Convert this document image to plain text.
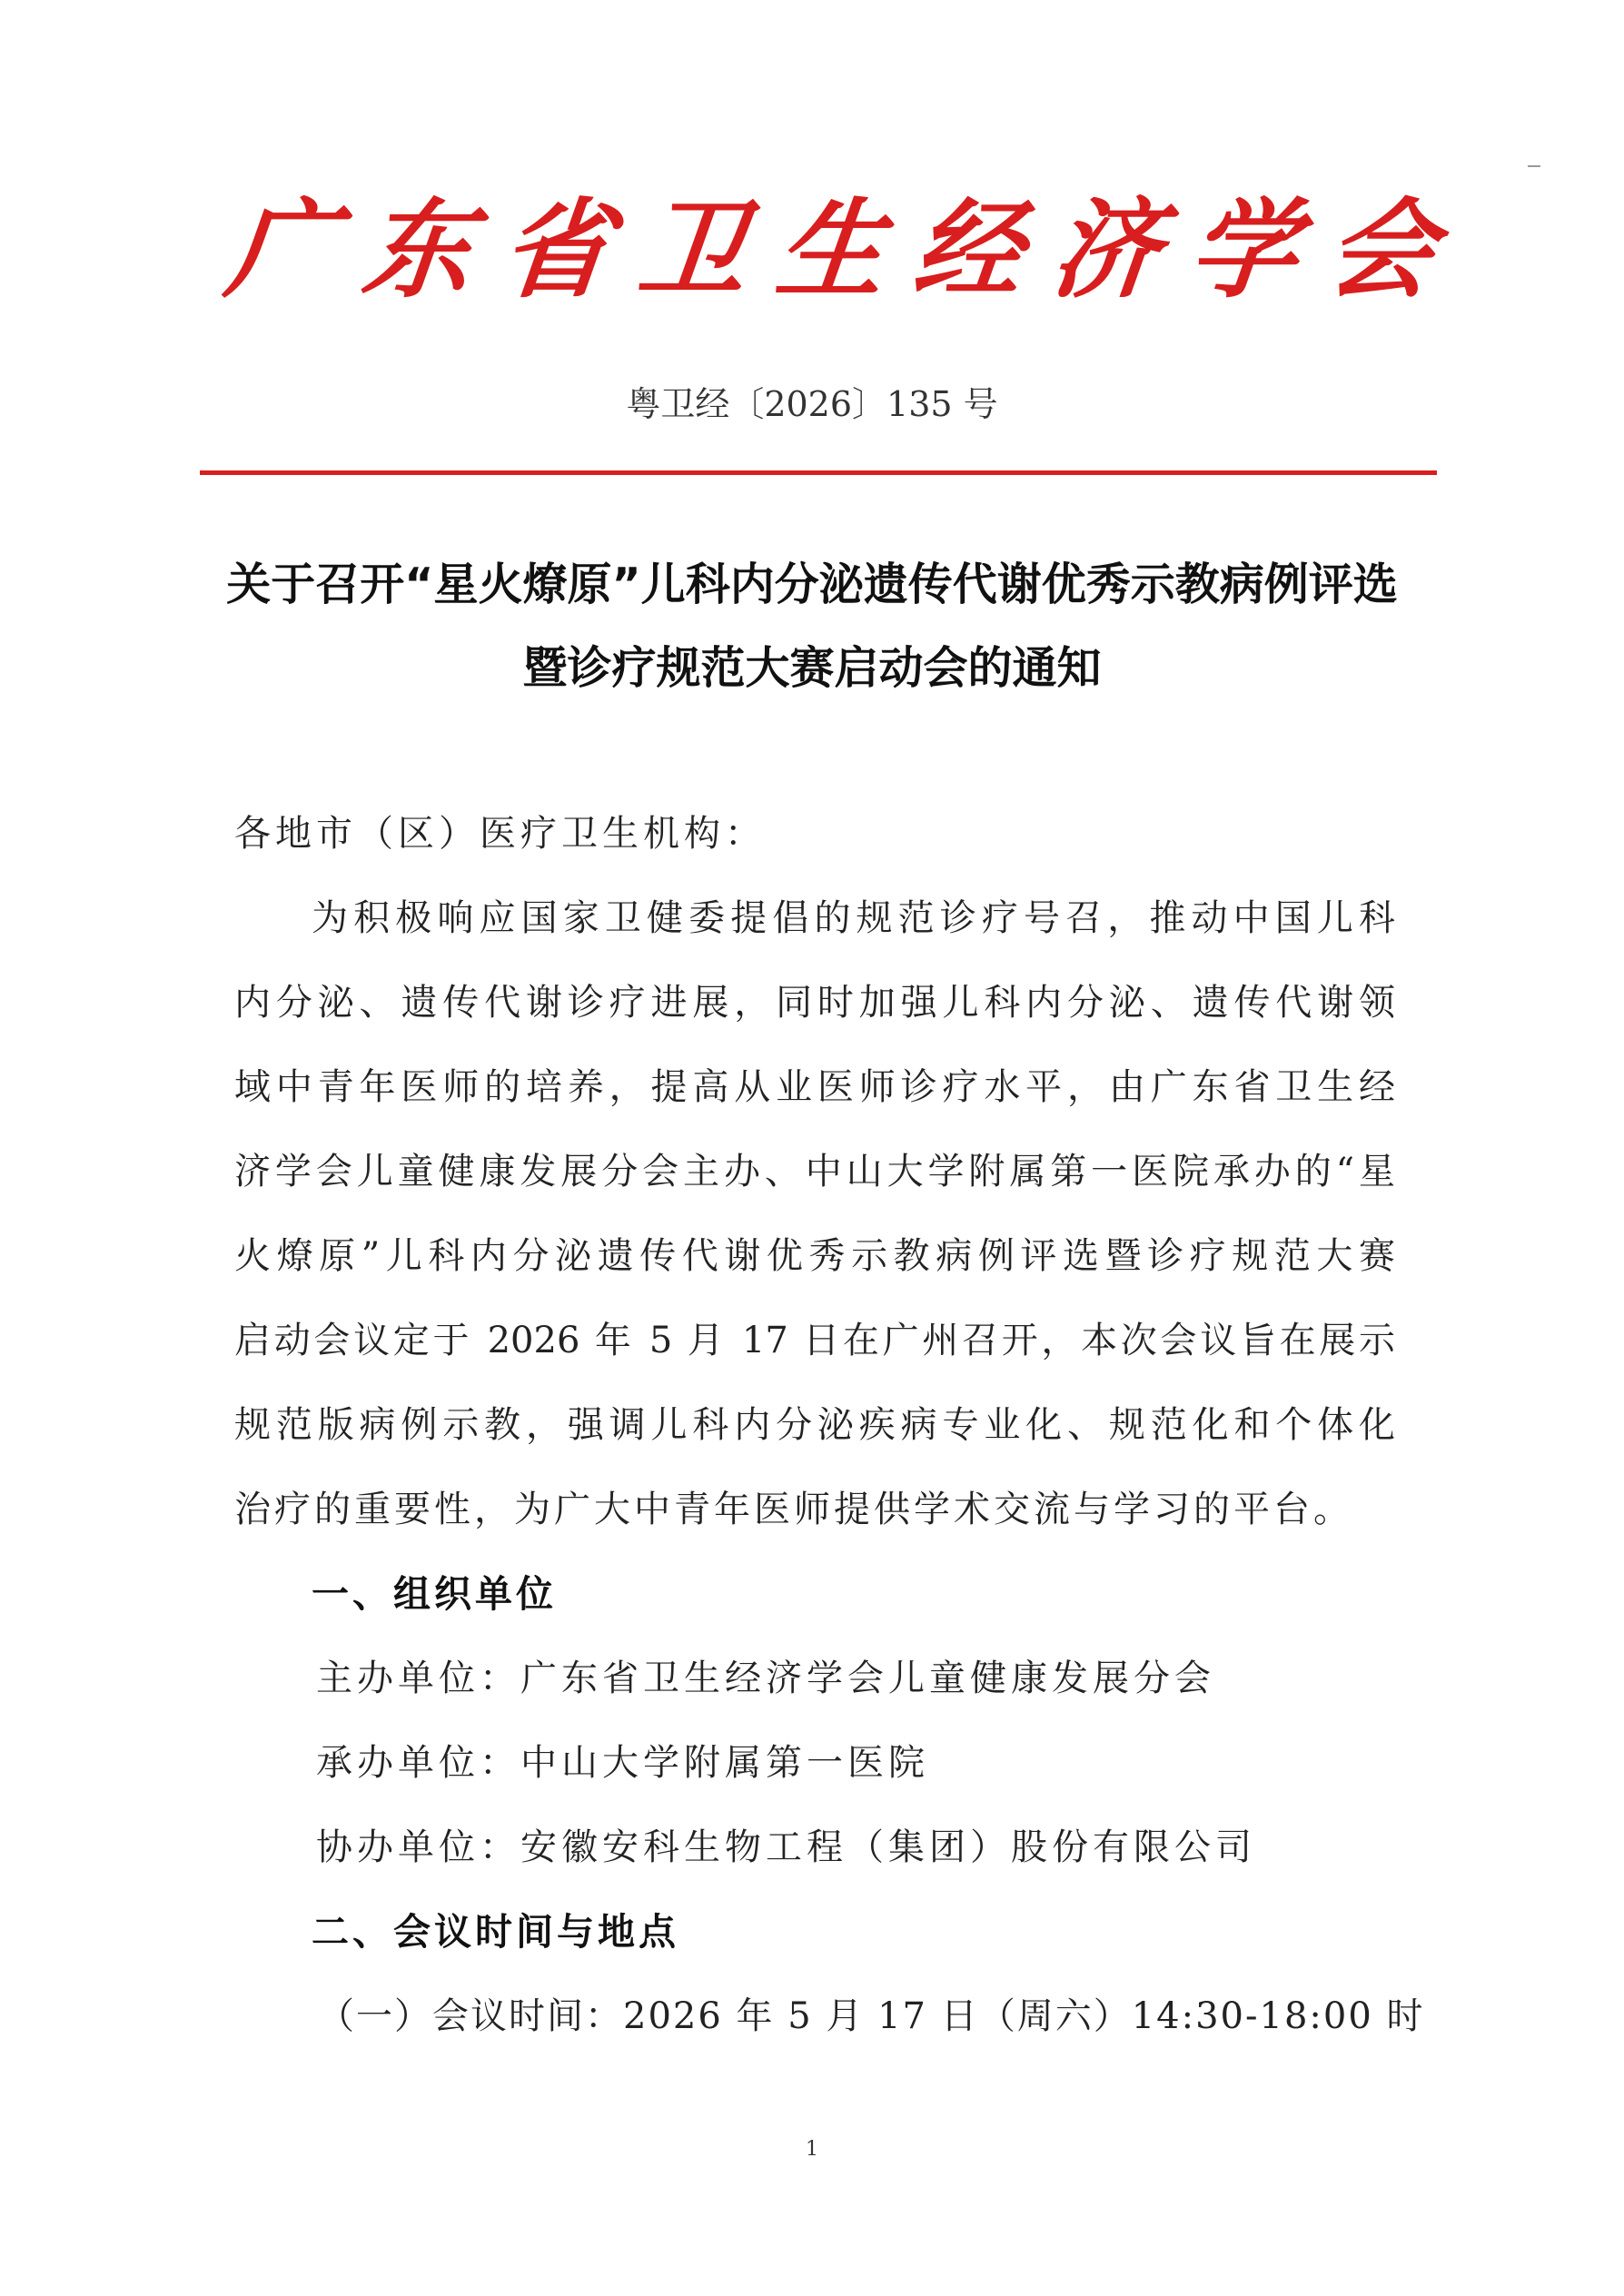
广 东 省 卫 生 经 济 学 会
粤卫经〔2026〕135 号
关于召开“星火燎原”儿科内分泌遗传代谢优秀示教病例评选
暨诊疗规范大赛启动会的通知
各地市（区）医疗卫生机构：
为积极响应国家卫健委提倡的规范诊疗号召，推动中国儿科
内分泌、遗传代谢诊疗进展，同时加强儿科内分泌、遗传代谢领
域中青年医师的培养，提高从业医师诊疗水平，由广东省卫生经
济学会儿童健康发展分会主办、中山大学附属第一医院承办的“星
火燎原”儿科内分泌遗传代谢优秀示教病例评选暨诊疗规范大赛
启动会议定于 2026 年 5 月 17 日在广州召开，本次会议旨在展示
规范版病例示教，强调儿科内分泌疾病专业化、规范化和个体化
治疗的重要性，为广大中青年医师提供学术交流与学习的平台。
一、组织单位
主办单位：广东省卫生经济学会儿童健康发展分会
承办单位：中山大学附属第一医院
协办单位：安徽安科生物工程（集团）股份有限公司
二、会议时间与地点
（一）会议时间：2026 年 5 月 17 日（周六）14:30-18:00 时
1
